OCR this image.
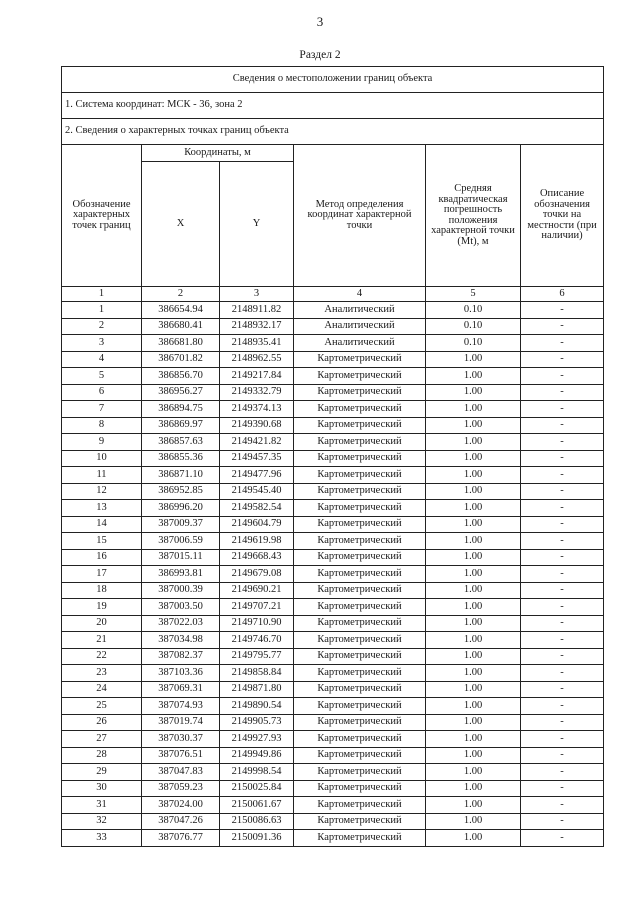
3
Раздел 2
Сведения о местоположении границ объекта					
1. Система координат: МСК - 36, зона 2					
2. Сведения о характерных точках границ объекта					
Обозначение характерных точек границ	Координаты, м		Метод определения координат характерной точки	Средняя квадратическая погрешность положения характерной точки (Mt), м	Описание обозначения точки на местности (при наличии)
	X	Y			
1	2	3	4	5	6
1	386654.94	2148911.82	Аналитический	0.10	-
2	386680.41	2148932.17	Аналитический	0.10	-
3	386681.80	2148935.41	Аналитический	0.10	-
4	386701.82	2148962.55	Картометрический	1.00	-
5	386856.70	2149217.84	Картометрический	1.00	-
6	386956.27	2149332.79	Картометрический	1.00	-
7	386894.75	2149374.13	Картометрический	1.00	-
8	386869.97	2149390.68	Картометрический	1.00	-
9	386857.63	2149421.82	Картометрический	1.00	-
10	386855.36	2149457.35	Картометрический	1.00	-
11	386871.10	2149477.96	Картометрический	1.00	-
12	386952.85	2149545.40	Картометрический	1.00	-
13	386996.20	2149582.54	Картометрический	1.00	-
14	387009.37	2149604.79	Картометрический	1.00	-
15	387006.59	2149619.98	Картометрический	1.00	-
16	387015.11	2149668.43	Картометрический	1.00	-
17	386993.81	2149679.08	Картометрический	1.00	-
18	387000.39	2149690.21	Картометрический	1.00	-
19	387003.50	2149707.21	Картометрический	1.00	-
20	387022.03	2149710.90	Картометрический	1.00	-
21	387034.98	2149746.70	Картометрический	1.00	-
22	387082.37	2149795.77	Картометрический	1.00	-
23	387103.36	2149858.84	Картометрический	1.00	-
24	387069.31	2149871.80	Картометрический	1.00	-
25	387074.93	2149890.54	Картометрический	1.00	-
26	387019.74	2149905.73	Картометрический	1.00	-
27	387030.37	2149927.93	Картометрический	1.00	-
28	387076.51	2149949.86	Картометрический	1.00	-
29	387047.83	2149998.54	Картометрический	1.00	-
30	387059.23	2150025.84	Картометрический	1.00	-
31	387024.00	2150061.67	Картометрический	1.00	-
32	387047.26	2150086.63	Картометрический	1.00	-
33	387076.77	2150091.36	Картометрический	1.00	-
